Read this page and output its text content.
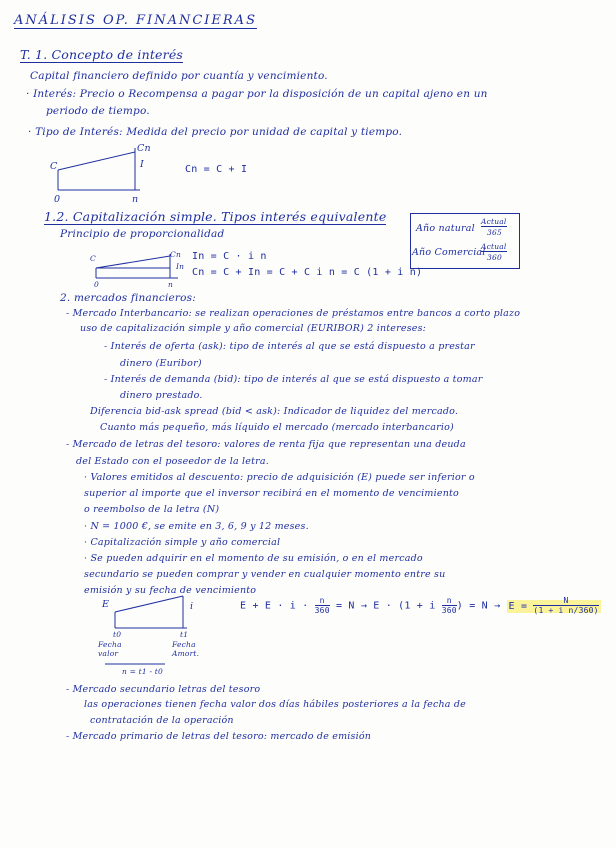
ANÁLISIS OP. FINANCIERAS
T. 1. Concepto de interés
Capital financiero definido por cuantía y vencimiento.
· Interés: Precio o Recompensa a pagar por la disposición de un capital ajeno en un
periodo de tiempo.
· Tipo de Interés: Medida del precio por unidad de capital y tiempo.
C
Cn
I
0	n
Cn = C + I
1.2. Capitalización simple. Tipos interés equivalente
Principio de proporcionalidad
C	Cn
In
0	n
In = C · i n
Cn = C + In = C + C i n = C (1 + i n)
Año natural
Actual
365
Año Comercial
Actual
360
2. mercados financieros:
- Mercado Interbancario: se realizan operaciones de préstamos entre bancos a corto plazo
uso de capitalización simple y año comercial (EURIBOR) 2 intereses:
- Interés de oferta (ask): tipo de interés al que se está dispuesto a prestar
dinero (Euribor)
- Interés de demanda (bid): tipo de interés al que se está dispuesto a tomar
dinero prestado.
Diferencia bid-ask spread (bid < ask): Indicador de liquidez del mercado.
Cuanto más pequeño, más líquido el mercado (mercado interbancario)
- Mercado de letras del tesoro: valores de renta fija que representan una deuda
del Estado con el poseedor de la letra.
· Valores emitidos al descuento: precio de adquisición (E) puede ser inferior o
superior al importe que el inversor recibirá en el momento de vencimiento
o reembolso de la letra (N)
· N = 1000 €, se emite en 3, 6, 9 y 12 meses.
· Capitalización simple y año comercial
· Se pueden adquirir en el momento de su emisión, o en el mercado
secundario se pueden comprar y vender en cualquier momento entre su
emisión y su fecha de vencimiento
E	i
t0	t1
Fecha
valor
Fecha
Amort.
n = t1 - t0
$E + E \cdot i \cdot \frac{n}{360} = N \to E \cdot (1 + i \frac{n}{360}$ ) = $N \to E = \frac{N}{\text{(1 + i n/360)}}$
- Mercado secundario letras del tesoro
las operaciones tienen fecha valor dos días hábiles posteriores a la fecha de
contratación de la operación
- Mercado primario de letras del tesoro: mercado de emisión
